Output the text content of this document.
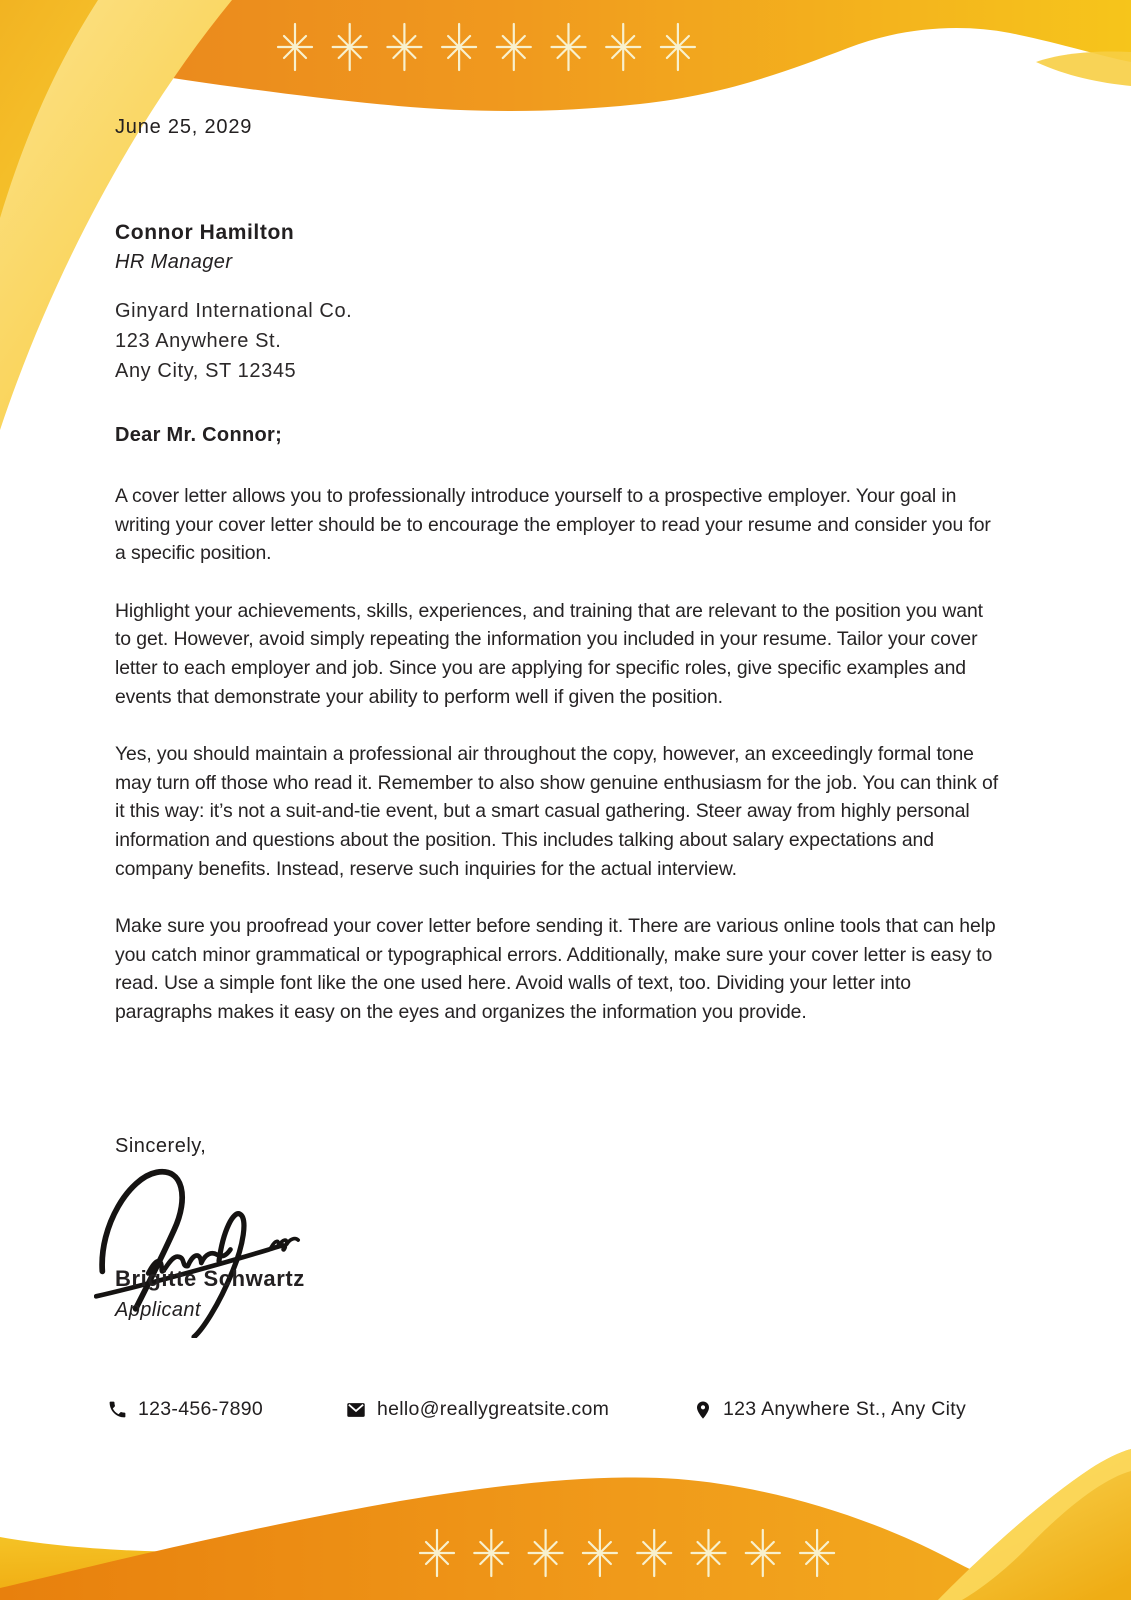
June 25, 2029
Connor Hamilton
HR Manager
Ginyard International Co.
123 Anywhere St.
Any City, ST 12345
Dear Mr. Connor;

A cover letter allows you to professionally introduce yourself to a prospective employer. Your goal in writing your cover letter should be to encourage the employer to read your resume and consider you for a specific position.

Highlight your achievements, skills, experiences, and training that are relevant to the position you want to get. However, avoid simply repeating the information you included in your resume. Tailor your cover letter to each employer and job. Since you are applying for specific roles, give specific examples and events that demonstrate your ability to perform well if given the position.

Yes, you should maintain a professional air throughout the copy, however, an exceedingly formal tone may turn off those who read it. Remember to also show genuine enthusiasm for the job. You can think of it this way: it’s not a suit-and-tie event, but a smart casual gathering. Steer away from highly personal information and questions about the position. This includes talking about salary expectations and company benefits. Instead, reserve such inquiries for the actual interview.

Make sure you proofread your cover letter before sending it. There are various online tools that can help you catch minor grammatical or typographical errors. Additionally, make sure your cover letter is easy to read. Use a simple font like the one used here. Avoid walls of text, too. Dividing your letter into paragraphs makes it easy on the eyes and organizes the information you provide.

Sincerely,
Brigitte Schwartz
Applicant
123-456-7890	hello@reallygreatsite.com	123 Anywhere St., Any City
